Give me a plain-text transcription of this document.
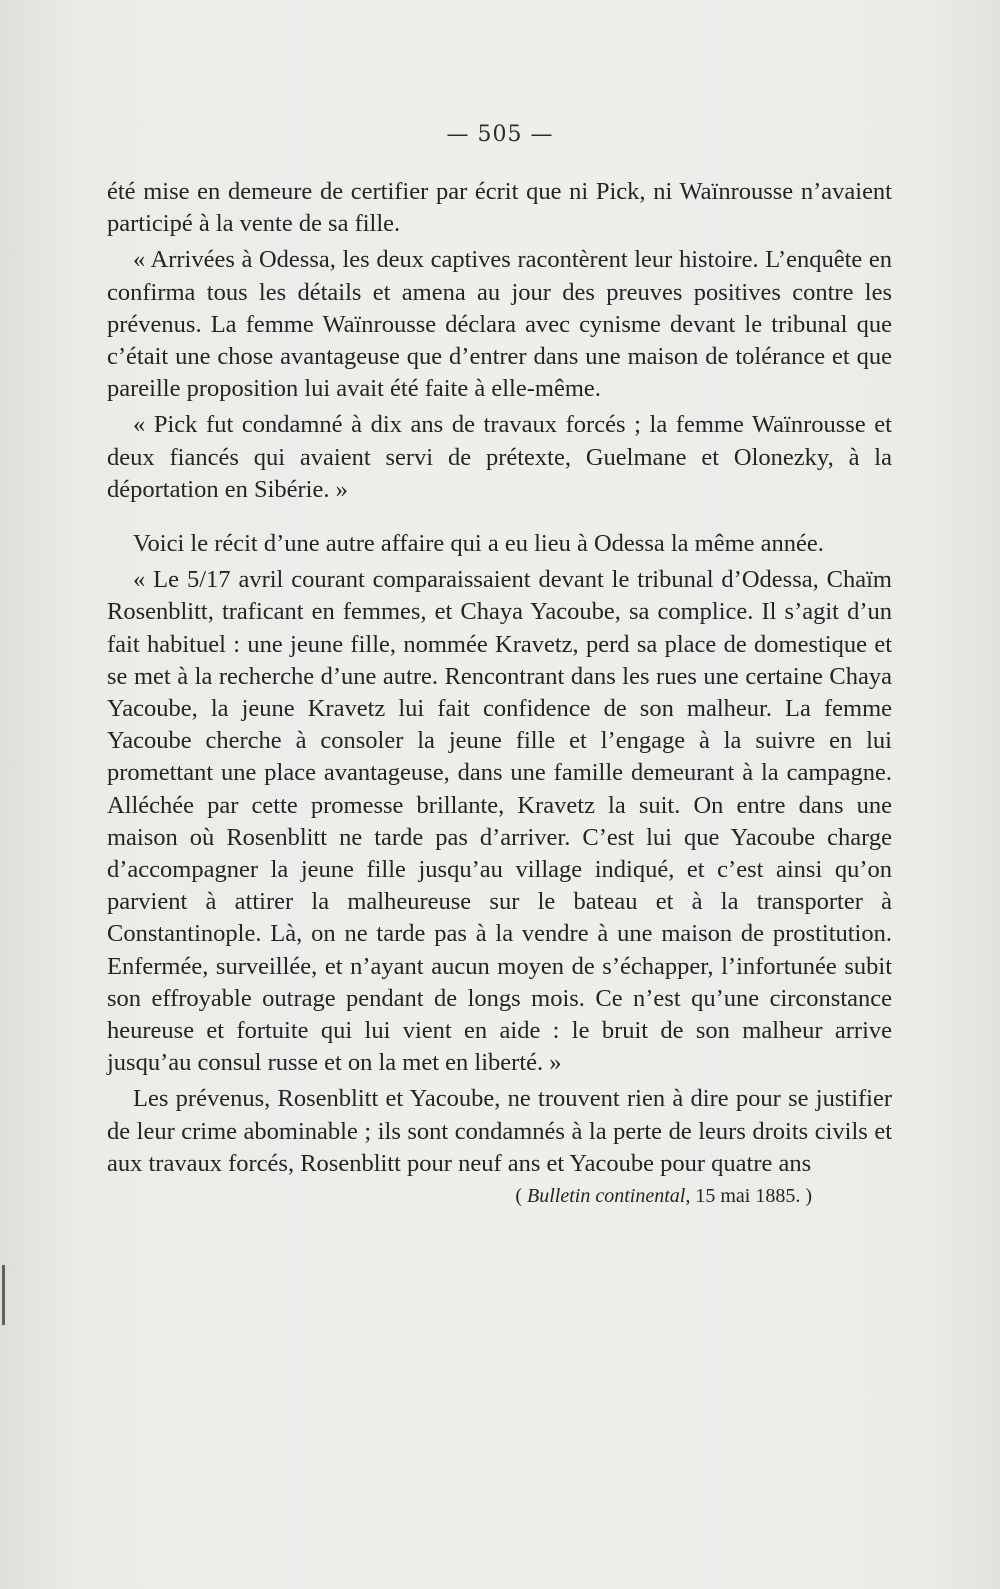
— 505 —

été mise en demeure de certifier par écrit que ni Pick, ni Waïnrousse n’avaient participé à la vente de sa fille.

« Arrivées à Odessa, les deux captives racontèrent leur histoire. L’enquête en confirma tous les détails et amena au jour des preuves positives contre les prévenus. La femme Waïnrousse déclara avec cynisme devant le tribunal que c’était une chose avantageuse que d’entrer dans une maison de tolérance et que pareille proposition lui avait été faite à elle-même.

« Pick fut condamné à dix ans de travaux forcés ; la femme Waïnrousse et deux fiancés qui avaient servi de prétexte, Guelmane et Olonezky, à la déportation en Sibérie. »

Voici le récit d’une autre affaire qui a eu lieu à Odessa la même année.

« Le 5/17 avril courant comparaissaient devant le tribunal d’Odessa, Chaïm Rosenblitt, traficant en femmes, et Chaya Yacoube, sa complice. Il s’agit d’un fait habituel : une jeune fille, nommée Kravetz, perd sa place de domestique et se met à la recherche d’une autre. Rencontrant dans les rues une certaine Chaya Yacoube, la jeune Kravetz lui fait confidence de son malheur. La femme Yacoube cherche à consoler la jeune fille et l’engage à la suivre en lui promettant une place avantageuse, dans une famille demeurant à la campagne. Alléchée par cette promesse brillante, Kravetz la suit. On entre dans une maison où Rosenblitt ne tarde pas d’arriver. C’est lui que Yacoube charge d’accompagner la jeune fille jusqu’au village indiqué, et c’est ainsi qu’on parvient à attirer la malheureuse sur le bateau et à la transporter à Constantinople. Là, on ne tarde pas à la vendre à une maison de prostitution. Enfermée, surveillée, et n’ayant aucun moyen de s’échapper, l’infortunée subit son effroyable outrage pendant de longs mois. Ce n’est qu’une circonstance heureuse et fortuite qui lui vient en aide : le bruit de son malheur arrive jusqu’au consul russe et on la met en liberté. »

Les prévenus, Rosenblitt et Yacoube, ne trouvent rien à dire pour se justifier de leur crime abominable ; ils sont condamnés à la perte de leurs droits civils et aux travaux forcés, Rosenblitt pour neuf ans et Yacoube pour quatre ans

( Bulletin continental, 15 mai 1885. )
